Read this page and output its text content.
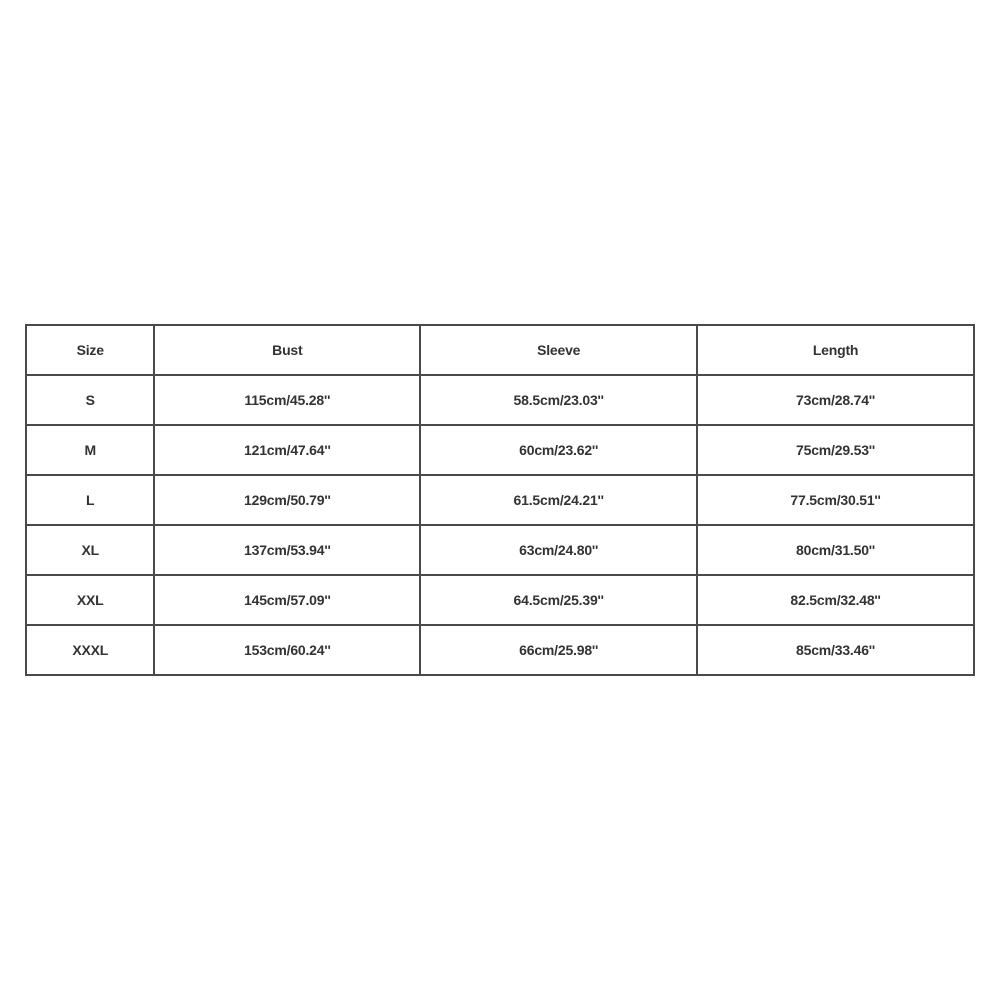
Size	Bust	Sleeve	Length
S	115cm/45.28''	58.5cm/23.03''	73cm/28.74''
M	121cm/47.64''	60cm/23.62''	75cm/29.53''
L	129cm/50.79''	61.5cm/24.21''	77.5cm/30.51''
XL	137cm/53.94''	63cm/24.80''	80cm/31.50''
XXL	145cm/57.09''	64.5cm/25.39''	82.5cm/32.48''
XXXL	153cm/60.24''	66cm/25.98''	85cm/33.46''
